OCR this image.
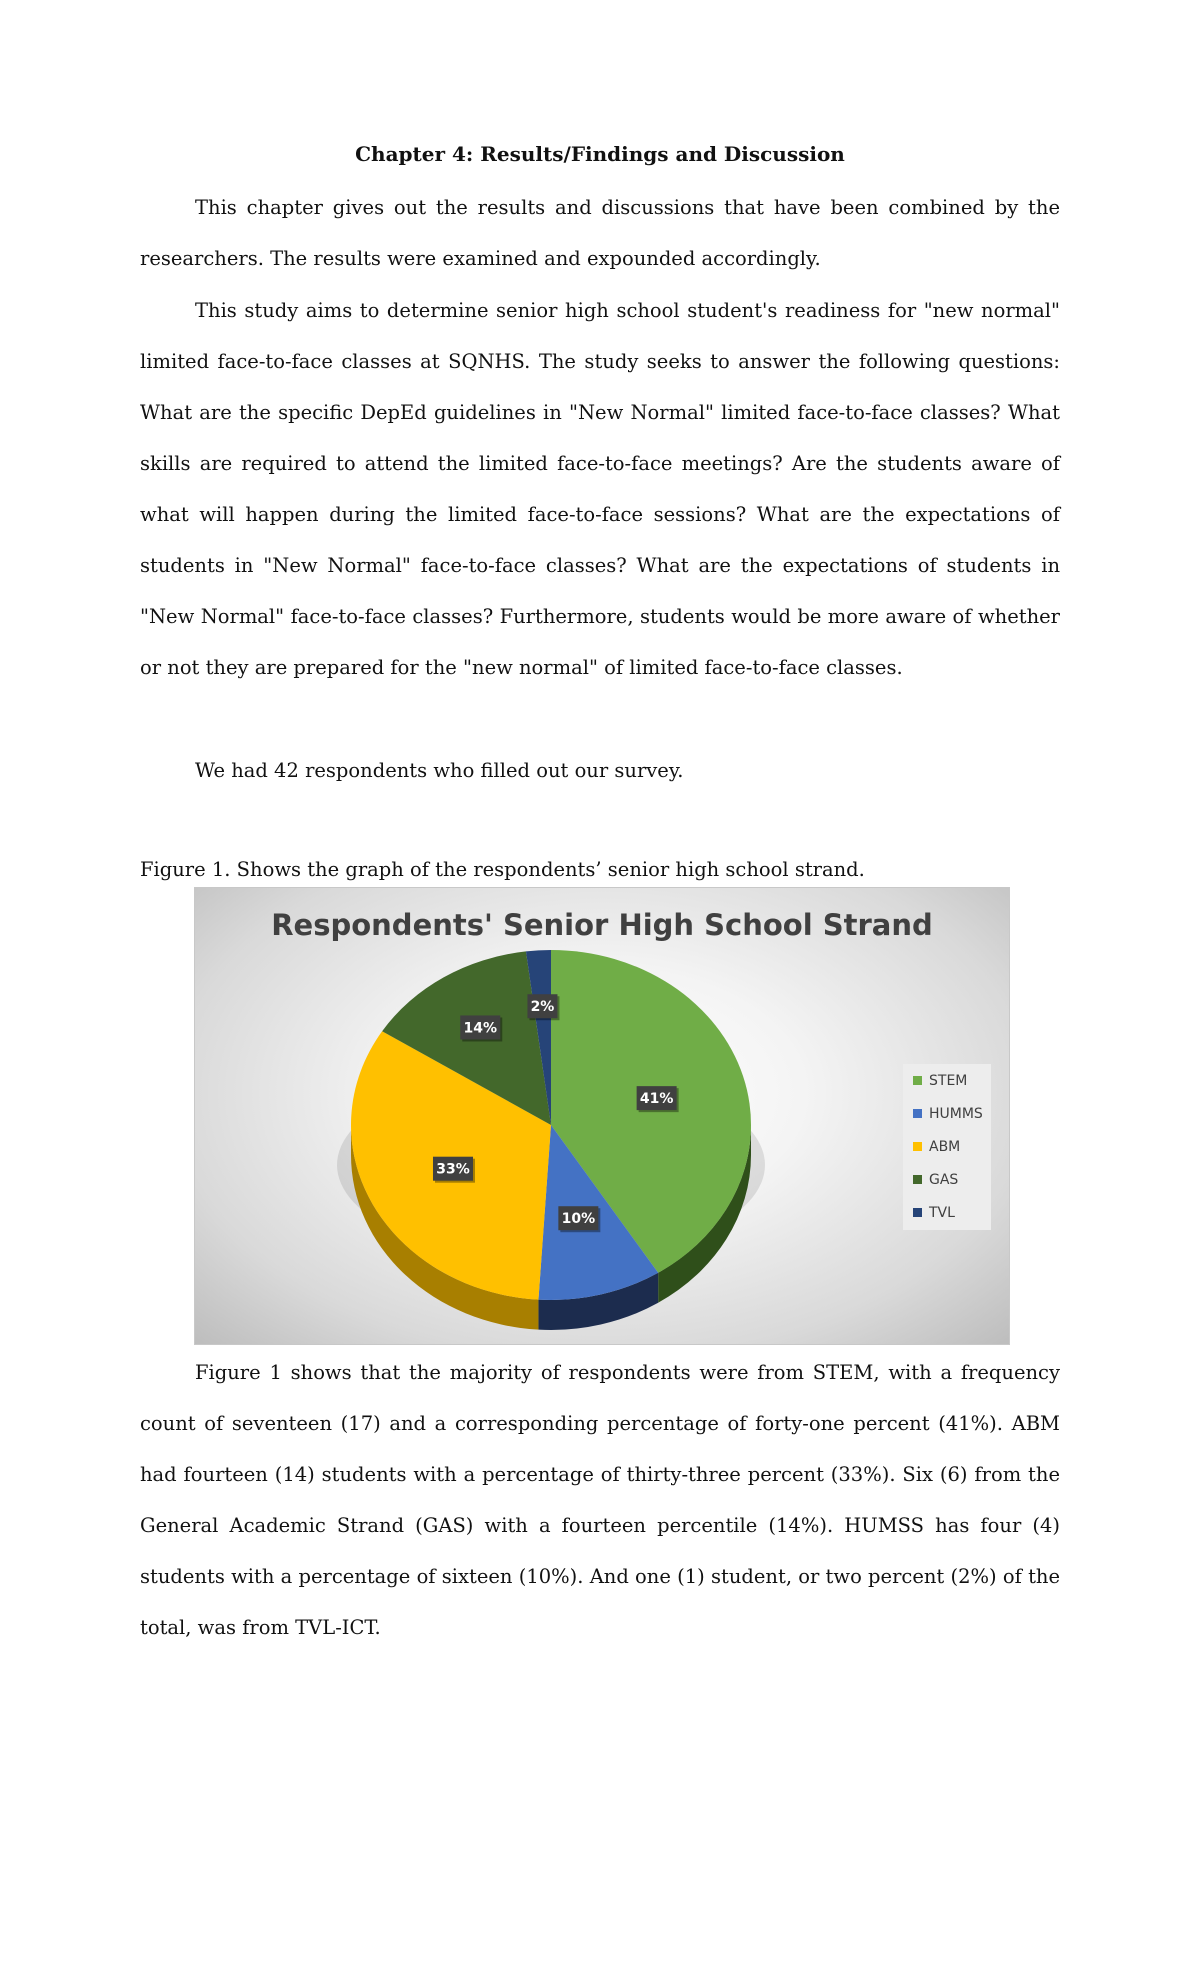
Chapter 4: Results/Findings and Discussion

This chapter gives out the results and discussions that have been combined by the researchers. The results were examined and expounded accordingly.

This study aims to determine senior high school student's readiness for "new normal" limited face-to-face classes at SQNHS. The study seeks to answer the following questions: What are the specific DepEd guidelines in "New Normal" limited face-to-face classes? What skills are required to attend the limited face-to-face meetings? Are the students aware of what will happen during the limited face-to-face sessions? What are the expectations of students in "New Normal" face-to-face classes? What are the expectations of students in "New Normal" face-to-face classes? Furthermore, students would be more aware of whether or not they are prepared for the "new normal" of limited face-to-face classes.

We had 42 respondents who filled out our survey.

Figure 1. Shows the graph of the respondents’ senior high school strand.

Respondents' Senior High School Strand
41%
10%
33%
14%
2%
STEM
HUMMS
ABM
GAS
TVL

Figure 1 shows that the majority of respondents were from STEM, with a frequency count of seventeen (17) and a corresponding percentage of forty-one percent (41%). ABM had fourteen (14) students with a percentage of thirty-three percent (33%). Six (6) from the General Academic Strand (GAS) with a fourteen percentile (14%). HUMSS has four (4) students with a percentage of sixteen (10%). And one (1) student, or two percent (2%) of the total, was from TVL-ICT.
